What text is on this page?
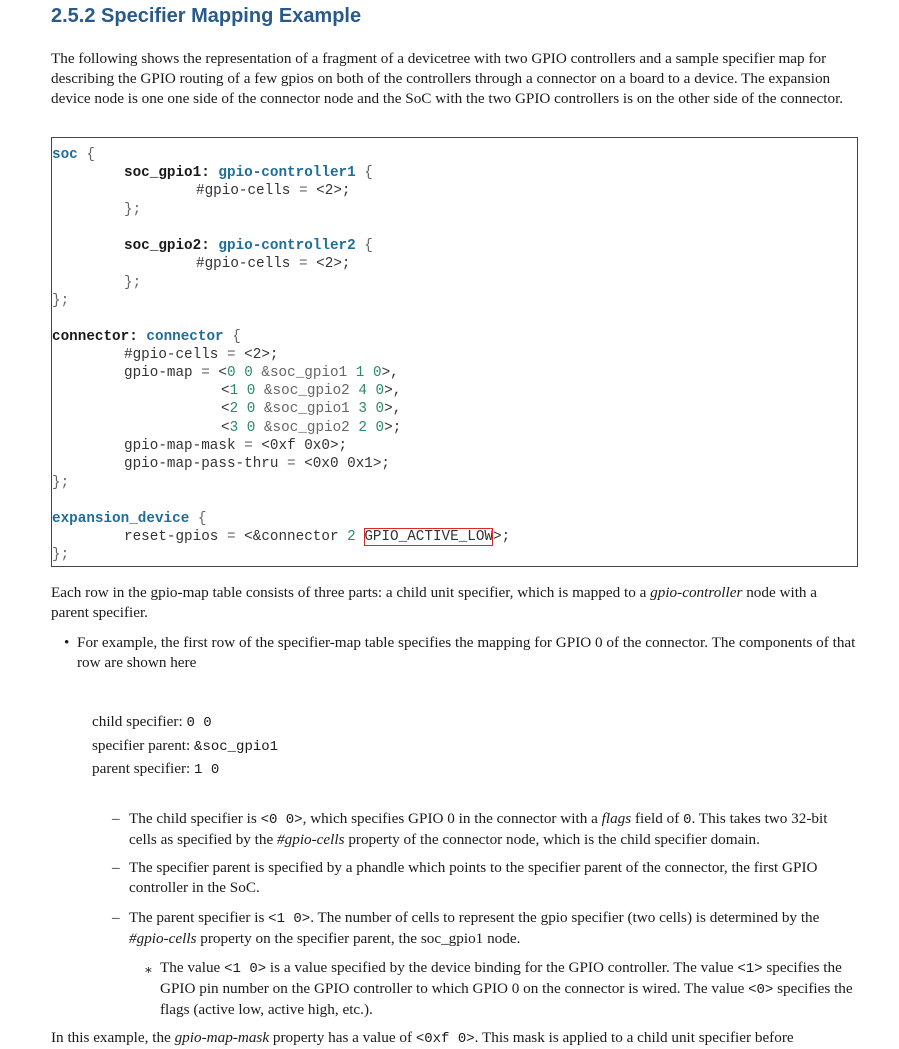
2.5.2 Specifier Mapping Example

The following shows the representation of a fragment of a devicetree with two GPIO controllers and a sample specifier map for describing the GPIO routing of a few gpios on both of the controllers through a connector on a board to a device. The expansion device node is one one side of the connector node and the SoC with the two GPIO controllers is on the other side of the connector.

soc {
soc_gpio1: gpio-controller1 {
#gpio-cells = <2>;
};
soc_gpio2: gpio-controller2 {
#gpio-cells = <2>;
};
};
connector: connector {
#gpio-cells = <2>;
gpio-map = <0 0 &soc_gpio1 1 0>,
<1 0 &soc_gpio2 4 0>,
<2 0 &soc_gpio1 3 0>,
<3 0 &soc_gpio2 2 0>;
gpio-map-mask = <0xf 0x0>;
gpio-map-pass-thru = <0x0 0x1>;
};
expansion_device {
reset-gpios = <&connector 2 GPIO_ACTIVE_LOW>;
};

Each row in the gpio-map table consists of three parts: a child unit specifier, which is mapped to a gpio-controller node with a parent specifier.

• For example, the first row of the specifier-map table specifies the mapping for GPIO 0 of the connector. The components of that row are shown here
child specifier: 0 0
specifier parent: &soc_gpio1
parent specifier: 1 0
– The child specifier is <0 0>, which specifies GPIO 0 in the connector with a flags field of 0. This takes two 32-bit cells as specified by the #gpio-cells property of the connector node, which is the child specifier domain.
– The specifier parent is specified by a phandle which points to the specifier parent of the connector, the first GPIO controller in the SoC.
– The parent specifier is <1 0>. The number of cells to represent the gpio specifier (two cells) is determined by the #gpio-cells property on the specifier parent, the soc_gpio1 node.
∗ The value <1 0> is a value specified by the device binding for the GPIO controller. The value <1> specifies the GPIO pin number on the GPIO controller to which GPIO 0 on the connector is wired. The value <0> specifies the flags (active low, active high, etc.).

In this example, the gpio-map-mask property has a value of <0xf 0>. This mask is applied to a child unit specifier before
